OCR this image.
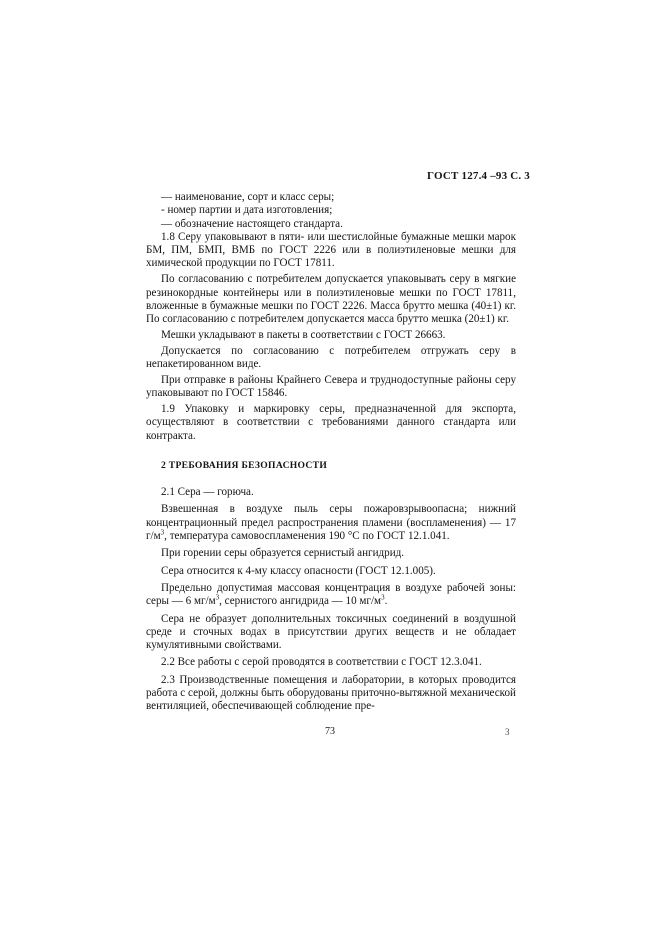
ГОСТ 127.4 –93 С. 3

— наименование, сорт и класс серы;

- номер партии и дата изготовления;

— обозначение настоящего стандарта.

1.8 Серу упаковывают в пяти- или шестислойные бумажные мешки марок БМ, ПМ, БМП, ВМБ по ГОСТ 2226 или в полиэтиленовые мешки для химической продукции по ГОСТ 17811.

По согласованию с потребителем допускается упаковывать серу в мягкие резинокордные контейнеры или в полиэтиленовые мешки по ГОСТ 17811, вложенные в бумажные мешки по ГОСТ 2226. Масса брутто мешка (40±1) кг. По согласованию с потребителем допускается масса брутто мешка (20±1) кг.

Мешки укладывают в пакеты в соответствии с ГОСТ 26663.

Допускается по согласованию с потребителем отгружать серу в непакетированном виде.

При отправке в районы Крайнего Севера и труднодоступные районы серу упаковывают по ГОСТ 15846.

1.9 Упаковку и маркировку серы, предназначенной для экспорта, осуществляют в соответствии с требованиями данного стандарта или контракта.

2 ТРЕБОВАНИЯ БЕЗОПАСНОСТИ

2.1 Сера — горюча.

Взвешенная в воздухе пыль серы пожаровзрывоопасна; нижний концентрационный предел распространения пламени (воспламенения) — 17 $г/м^3$, температура самовоспламенения 190 °С по ГОСТ 12.1.041.

При горении серы образуется сернистый ангидрид.

Сера относится к 4-му классу опасности (ГОСТ 12.1.005).

Предельно допустимая массовая концентрация в воздухе рабочей зоны: серы — 6 $мг/м^3$, сернистого ангидрида — 10 $мг/м^3$.

Сера не образует дополнительных токсичных соединений в воздушной среде и сточных водах в присутствии других веществ и не обладает кумулятивными свойствами.

2.2 Все работы с серой проводятся в соответствии с ГОСТ 12.3.041.

2.3 Производственные помещения и лаборатории, в которых проводится работа с серой, должны быть оборудованы приточно-вытяжной механической вентиляцией, обеспечивающей соблюдение пре-

73	3
